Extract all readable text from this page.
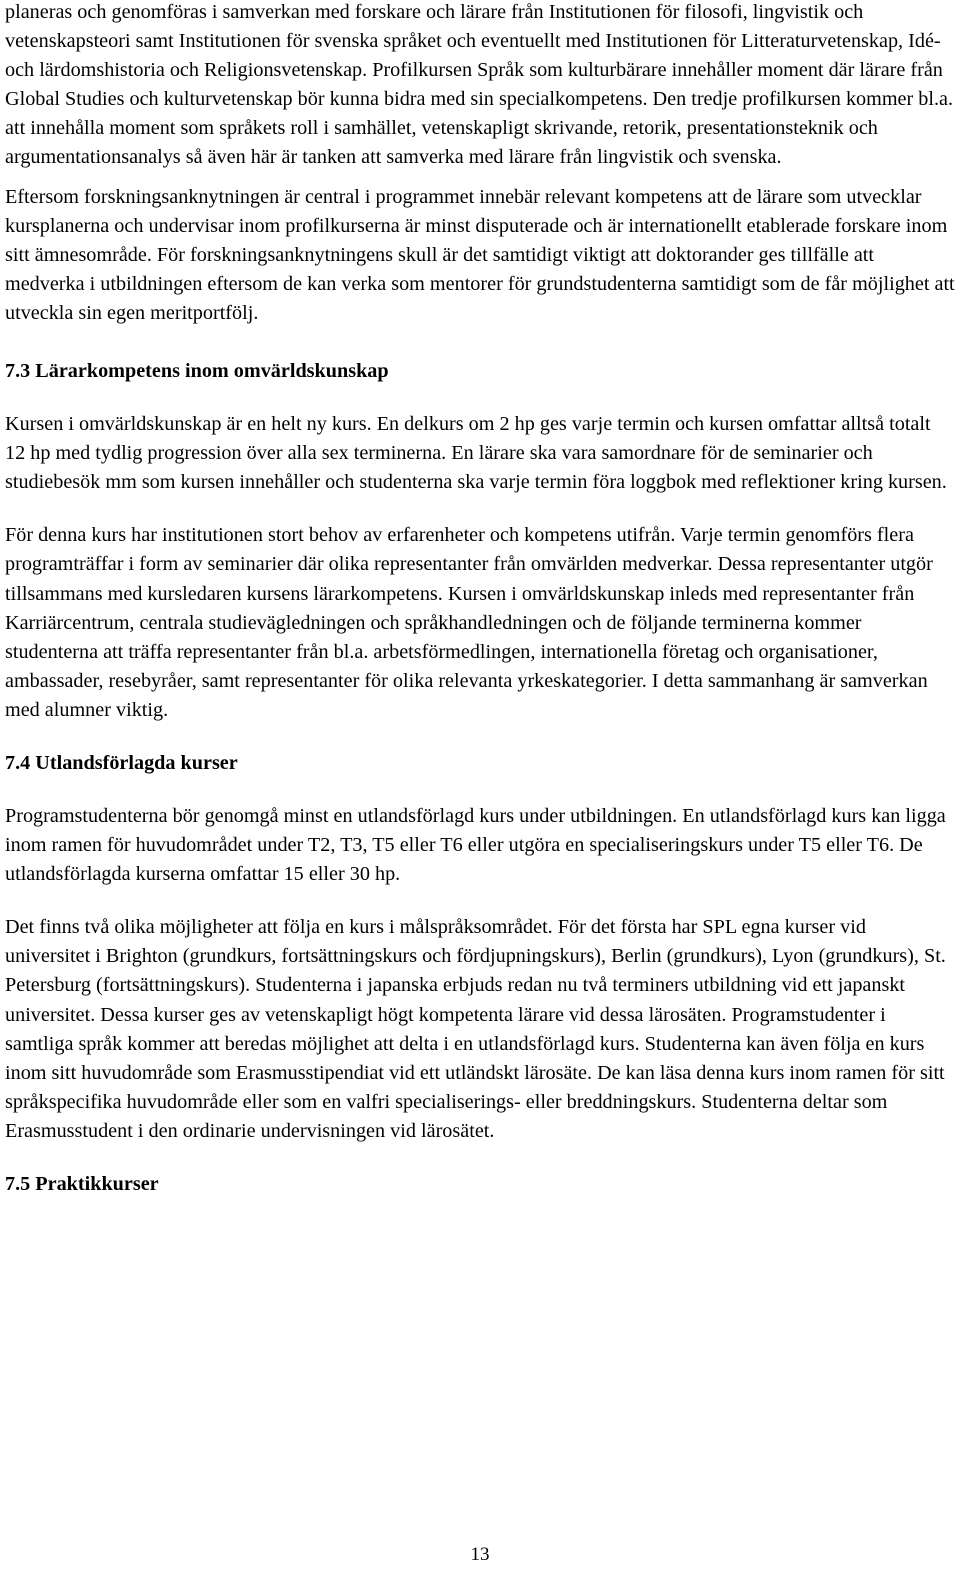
planeras och genomföras i samverkan med forskare och lärare från Institutionen för filosofi, lingvistik och vetenskapsteori samt Institutionen för svenska språket och eventuellt med Institutionen för Litteraturvetenskap, Idé- och lärdomshistoria och Religionsvetenskap. Profilkursen Språk som kulturbärare innehåller moment där lärare från Global Studies och kulturvetenskap bör kunna bidra med sin specialkompetens. Den tredje profilkursen kommer bl.a. att innehålla moment som språkets roll i samhället, vetenskapligt skrivande, retorik, presentationsteknik och argumentationsanalys så även här är tanken att samverka med lärare från lingvistik och svenska.

Eftersom forskningsanknytningen är central i programmet innebär relevant kompetens att de lärare som utvecklar kursplanerna och undervisar inom profilkurserna är minst disputerade och är internationellt etablerade forskare inom sitt ämnesområde. För forskningsanknytningens skull är det samtidigt viktigt att doktorander ges tillfälle att medverka i utbildningen eftersom de kan verka som mentorer för grundstudenterna samtidigt som de får möjlighet att utveckla sin egen meritportfölj.

7.3 Lärarkompetens inom omvärldskunskap

Kursen i omvärldskunskap är en helt ny kurs. En delkurs om 2 hp ges varje termin och kursen omfattar alltså totalt 12 hp med tydlig progression över alla sex terminerna. En lärare ska vara samordnare för de seminarier och studiebesök mm som kursen innehåller och studenterna ska varje termin föra loggbok med reflektioner kring kursen.

För denna kurs har institutionen stort behov av erfarenheter och kompetens utifrån. Varje termin genomförs flera programträffar i form av seminarier där olika representanter från omvärlden medverkar. Dessa representanter utgör tillsammans med kursledaren kursens lärarkompetens. Kursen i omvärldskunskap inleds med representanter från Karriärcentrum, centrala studievägledningen och språkhandledningen och de följande terminerna kommer studenterna att träffa representanter från bl.a. arbetsförmedlingen, internationella företag och organisationer, ambassader, resebyråer, samt representanter för olika relevanta yrkeskategorier. I detta sammanhang är samverkan med alumner viktig.

7.4 Utlandsförlagda kurser

Programstudenterna bör genomgå minst en utlandsförlagd kurs under utbildningen. En utlandsförlagd kurs kan ligga inom ramen för huvudområdet under T2, T3, T5 eller T6 eller utgöra en specialiseringskurs under T5 eller T6. De utlandsförlagda kurserna omfattar 15 eller 30 hp.

Det finns två olika möjligheter att följa en kurs i målspråksområdet. För det första har SPL egna kurser vid universitet i Brighton (grundkurs, fortsättningskurs och fördjupningskurs), Berlin (grundkurs), Lyon (grundkurs), St. Petersburg (fortsättningskurs). Studenterna i japanska erbjuds redan nu två terminers utbildning vid ett japanskt universitet. Dessa kurser ges av vetenskapligt högt kompetenta lärare vid dessa lärosäten. Programstudenter i samtliga språk kommer att beredas möjlighet att delta i en utlandsförlagd kurs. Studenterna kan även följa en kurs inom sitt huvudområde som Erasmusstipendiat vid ett utländskt lärosäte. De kan läsa denna kurs inom ramen för sitt språkspecifika huvudområde eller som en valfri specialiserings- eller breddningskurs. Studenterna deltar som Erasmusstudent i den ordinarie undervisningen vid lärosätet.

7.5 Praktikkurser
13
